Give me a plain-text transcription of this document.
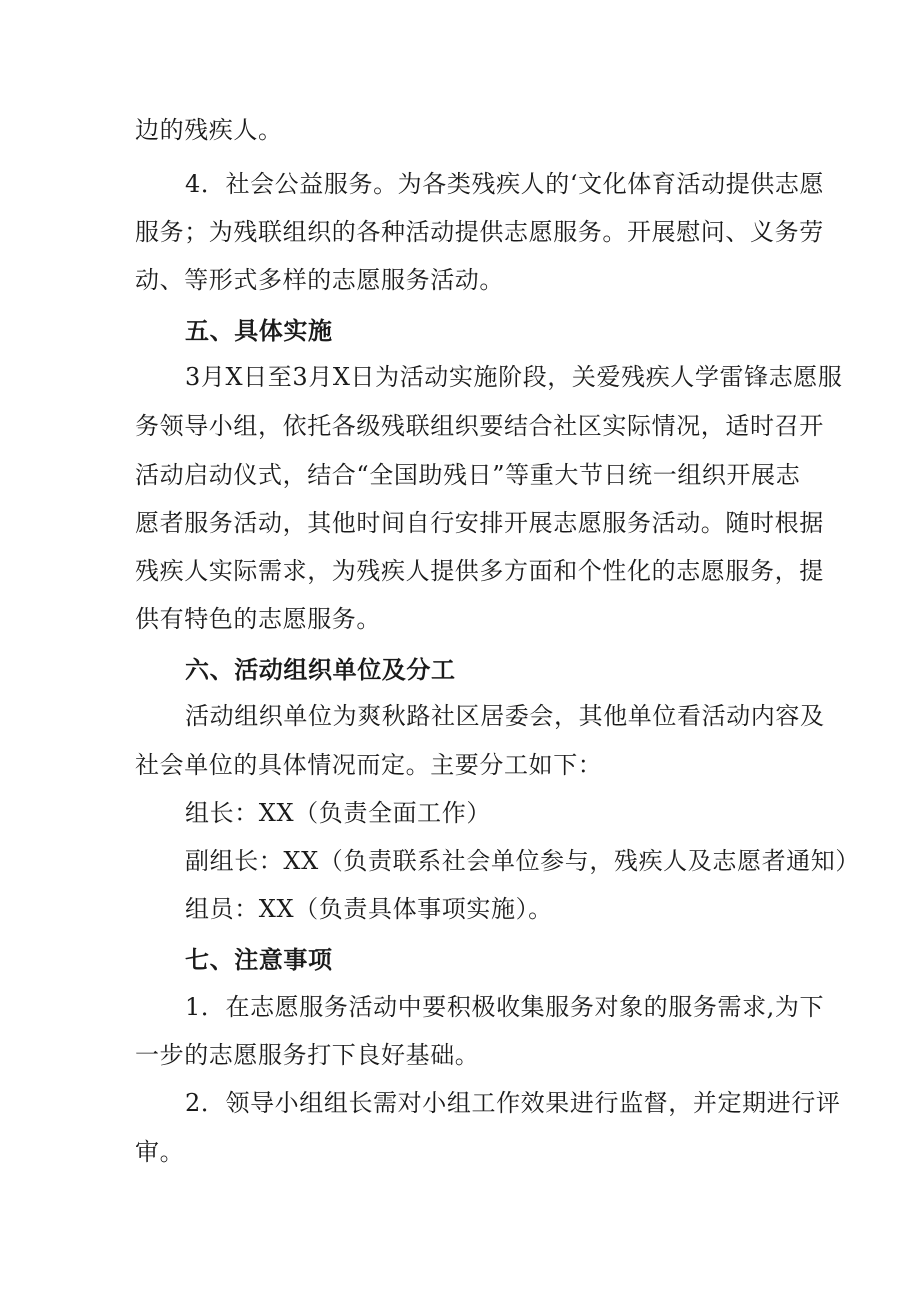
边的残疾人。

4．社会公益服务。为各类残疾人的‘文化体育活动提供志愿

服务；为残联组织的各种活动提供志愿服务。开展慰问、义务劳

动、等形式多样的志愿服务活动。

五、具体实施

3月X日至3月X日为活动实施阶段，关爱残疾人学雷锋志愿服

务领导小组，依托各级残联组织要结合社区实际情况，适时召开

活动启动仪式，结合“全国助残日”等重大节日统一组织开展志

愿者服务活动，其他时间自行安排开展志愿服务活动。随时根据

残疾人实际需求，为残疾人提供多方面和个性化的志愿服务，提

供有特色的志愿服务。

六、活动组织单位及分工

活动组织单位为爽秋路社区居委会，其他单位看活动内容及

社会单位的具体情况而定。主要分工如下：

组长：XX（负责全面工作）

副组长：XX（负责联系社会单位参与，残疾人及志愿者通知）

组员：XX（负责具体事项实施）。

七、注意事项

1．在志愿服务活动中要积极收集服务对象的服务需求,为下

一步的志愿服务打下良好基础。

2．领导小组组长需对小组工作效果进行监督，并定期进行评

审。
